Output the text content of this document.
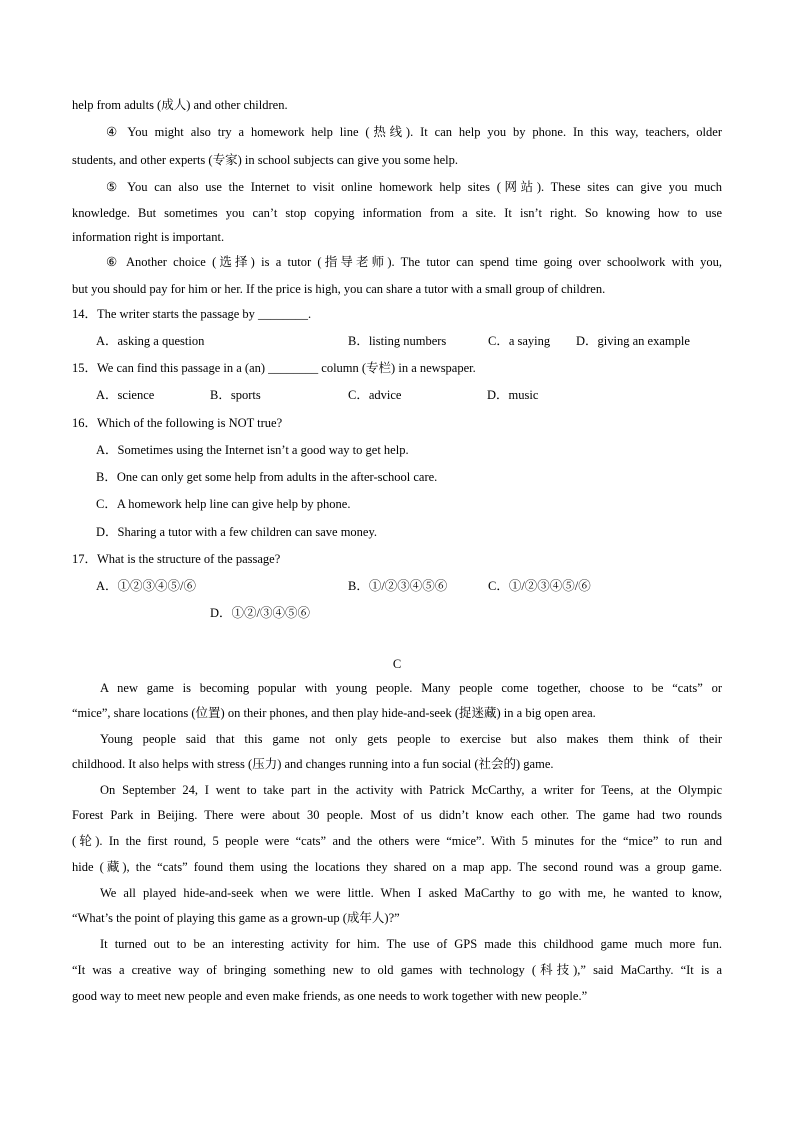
help from adults (成人) and other children.
④ You might also try a homework help line (热线). It can help you by phone. In this way, teachers, older
students, and other experts (专家) in school subjects can give you some help.
⑤ You can also use the Internet to visit online homework help sites (网站). These sites can give you much
knowledge. But sometimes you can’t stop copying information from a site. It isn’t right. So knowing how to use
information right is important.
⑥ Another choice (选择) is a tutor (指导老师). The tutor can spend time going over schoolwork with you,
but you should pay for him or her. If the price is high, you can share a tutor with a small group of children.
14．The writer starts the passage by ________.
A．asking a question	B．listing numbers	C．a saying D．giving an example
15．We can find this passage in a (an) ________ column (专栏) in a newspaper.
A．science	B．sports	C．advice	D．music
16．Which of the following is NOT true?
A．Sometimes using the Internet isn’t a good way to get help.
B．One can only get some help from adults in the after-school care.
C．A homework help line can give help by phone.
D．Sharing a tutor with a few children can save money.
17．What is the structure of the passage?
A．①②③④⑤/⑥	B．①/②③④⑤⑥	C．①/②③④⑤/⑥
D．①②/③④⑤⑥
C
A new game is becoming popular with young people. Many people come together, choose to be “cats” or
“mice”, share locations (位置) on their phones, and then play hide-and-seek (捉迷藏) in a big open area.
Young people said that this game not only gets people to exercise but also makes them think of their
childhood. It also helps with stress (压力) and changes running into a fun social (社会的) game.
On September 24, I went to take part in the activity with Patrick McCarthy, a writer for Teens, at the Olympic
Forest Park in Beijing. There were about 30 people. Most of us didn’t know each other. The game had two rounds
(轮). In the first round, 5 people were “cats” and the others were “mice”. With 5 minutes for the “mice” to run and
hide (藏), the “cats” found them using the locations they shared on a map app. The second round was a group game.
We all played hide-and-seek when we were little. When I asked MaCarthy to go with me, he wanted to know,
“What’s the point of playing this game as a grown-up (成年人)?”
It turned out to be an interesting activity for him. The use of GPS made this childhood game much more fun.
“It was a creative way of bringing something new to old games with technology (科技),” said MaCarthy. “It is a
good way to meet new people and even make friends, as one needs to work together with new people.”
